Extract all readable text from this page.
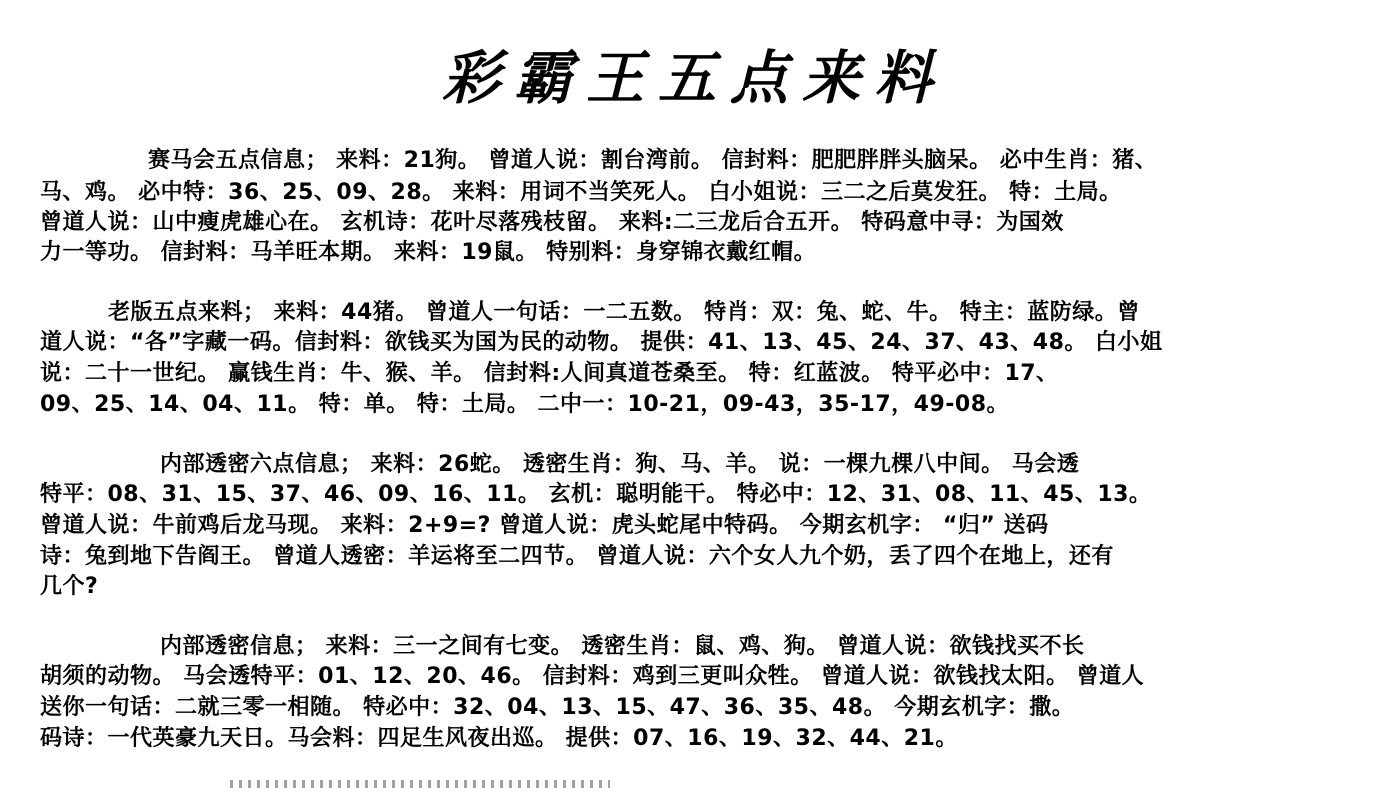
彩霸王五点来料
赛马会五点信息； 来料：21狗。 曾道人说：割台湾前。 信封料：肥肥胖胖头脑呆。 必中生肖：猪、
马、鸡。 必中特：36、25、09、28。 来料：用词不当笑死人。 白小姐说：三二之后莫发狂。 特：土局。
曾道人说：山中瘦虎雄心在。 玄机诗：花叶尽落残枝留。 来料:二三龙后合五开。 特码意中寻：为国效
力一等功。 信封料：马羊旺本期。 来料：19鼠。 特别料：身穿锦衣戴红帽。
老版五点来料； 来料：44猪。 曾道人一句话：一二五数。 特肖：双：兔、蛇、牛。 特主：蓝防绿。曾
道人说：“各”字藏一码。信封料：欲钱买为国为民的动物。 提供：41、13、45、24、37、43、48。 白小姐
说：二十一世纪。 赢钱生肖：牛、猴、羊。 信封料:人间真道苍桑至。 特：红蓝波。 特平必中：17、
09、25、14、04、11。 特：单。 特：土局。 二中一：10-21，09-43，35-17，49-08。
内部透密六点信息； 来料：26蛇。 透密生肖：狗、马、羊。 说：一棵九棵八中间。 马会透
特平：08、31、15、37、46、09、16、11。 玄机：聪明能干。 特必中：12、31、08、11、45、13。
曾道人说：牛前鸡后龙马现。 来料：2+9=? 曾道人说：虎头蛇尾中特码。 今期玄机字： “归” 送码
诗：兔到地下告阎王。 曾道人透密：羊运将至二四节。 曾道人说：六个女人九个奶，丢了四个在地上，还有
几个?
内部透密信息； 来料：三一之间有七变。 透密生肖：鼠、鸡、狗。 曾道人说：欲钱找买不长
胡须的动物。 马会透特平：01、12、20、46。 信封料：鸡到三更叫众牲。 曾道人说：欲钱找太阳。 曾道人
送你一句话：二就三零一相随。 特必中：32、04、13、15、47、36、35、48。 今期玄机字：撒。
码诗：一代英豪九天日。马会料：四足生风夜出巡。 提供：07、16、19、32、44、21。
